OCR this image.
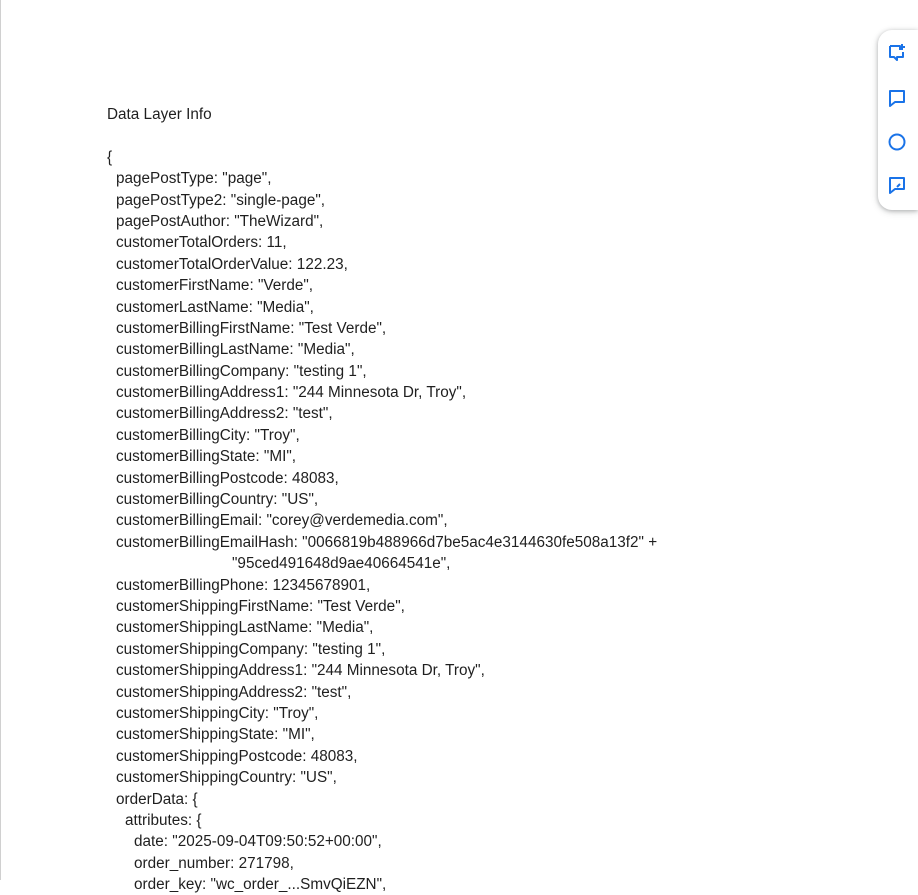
Data Layer Info
{
pagePostType: "page",
pagePostType2: "single-page",
pagePostAuthor: "TheWizard",
customerTotalOrders: 11,
customerTotalOrderValue: 122.23,
customerFirstName: "Verde",
customerLastName: "Media",
customerBillingFirstName: "Test Verde",
customerBillingLastName: "Media",
customerBillingCompany: "testing 1",
customerBillingAddress1: "244 Minnesota Dr, Troy",
customerBillingAddress2: "test",
customerBillingCity: "Troy",
customerBillingState: "MI",
customerBillingPostcode: 48083,
customerBillingCountry: "US",
customerBillingEmail: "corey@verdemedia.com",
customerBillingEmailHash: "0066819b488966d7be5ac4e3144630fe508a13f2" +
"95ced491648d9ae40664541e",
customerBillingPhone: 12345678901,
customerShippingFirstName: "Test Verde",
customerShippingLastName: "Media",
customerShippingCompany: "testing 1",
customerShippingAddress1: "244 Minnesota Dr, Troy",
customerShippingAddress2: "test",
customerShippingCity: "Troy",
customerShippingState: "MI",
customerShippingPostcode: 48083,
customerShippingCountry: "US",
orderData: {
attributes: {
date: "2025-09-04T09:50:52+00:00",
order_number: 271798,
order_key: "wc_order_...SmvQiEZN",
